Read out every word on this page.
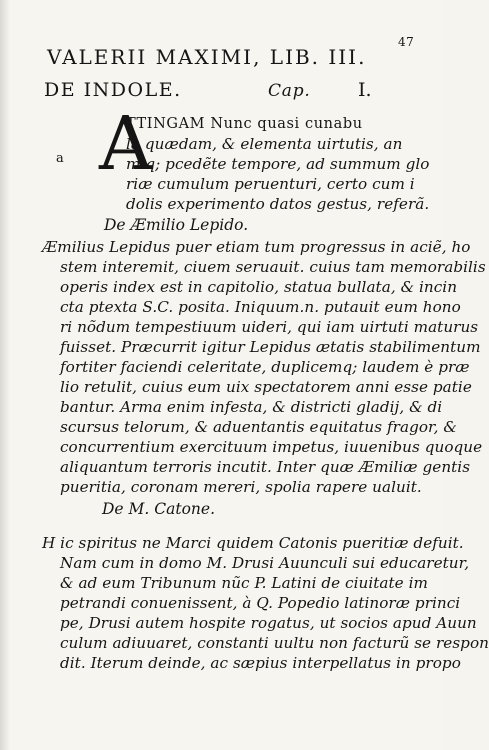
47
VALERII MAXIMI, LIB. III.
DE INDOLE.	Cap. I.
A
a
TTINGAM Nunc quasi cunabu
la quædam, & elementa uirtutis, an
miq; pcedẽte tempore, ad summum glo
riæ cumulum peruenturi, certo cum i
dolis experimento datos gestus, referã.
De Æmilio Lepido.
Æmilius Lepidus puer etiam tum progressus in aciẽ, ho
stem interemit, ciuem seruauit. cuius tam memorabilis
operis index est in capitolio, statua bullata, & incin
cta ptexta S.C. posita. Iniquum.n. putauit eum hono
ri nõdum tempestiuum uideri, qui iam uirtuti maturus
fuisset. Præcurrit igitur Lepidus ætatis stabilimentum
fortiter faciendi celeritate, duplicemq; laudem è præ
lio retulit, cuius eum uix spectatorem anni esse patie
bantur. Arma enim infesta, & districti gladij, & di
scursus telorum, & aduentantis equitatus fragor, &
concurrentium exercituum impetus, iuuenibus quoque
aliquantum terroris incutit. Inter quæ Æmiliæ gentis
pueritia, coronam mereri, spolia rapere ualuit.
De M. Catone.
H ic spiritus ne Marci quidem Catonis pueritiæ defuit.
Nam cum in domo M. Drusi Auunculi sui educaretur,
& ad eum Tribunum nũc P. Latini de ciuitate im
petrandi conuenissent, à Q. Popedio latinoræ princi
pe, Drusi autem hospite rogatus, ut socios apud Auun
culum adiuuaret, constanti uultu non facturũ se respon
dit. Iterum deinde, ac sæpius interpellatus in propo
